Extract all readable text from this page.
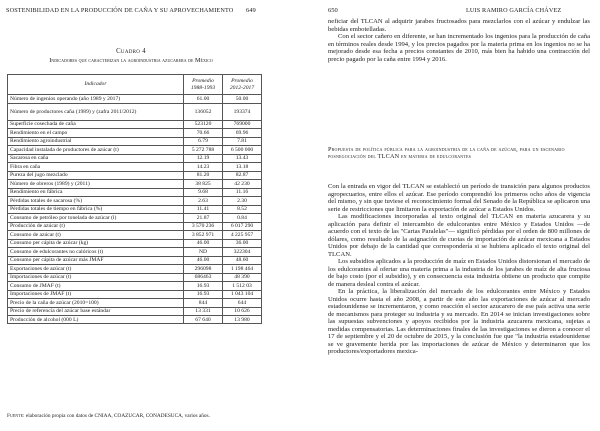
SOSTENIBILIDAD EN LA PRODUCCIÓN DE CAÑA Y SU APROVECHAMIENTO 649
Cuadro 4
Indicadores que caracterizan la agroindustria azucarera de México
Indicador	Promedio 1988-1993	Promedio 2012-2017
Número de ingenios operando (año 1989 y 2017)	61.00	50.00
Número de productores caña (1989) y (zafra 2011/2012)	136052	193374
Superficie cosechada de caña	523120	769000
Rendimiento en el campo	70.66	69.96
Rendimiento agroindustrial	6.79	7.81
Capacidad instalada de productores de azúcar (t)	5 272 788	6 500 000
Sacarosa en caña	12.19	13.43
Fibra en caña	14.23	13.18
Pureza del jugo mezclado	81.20	82.87
Número de obreros (1989) y (2011)	38 825	42 230
Rendimiento en fábrica	9.68	11.16
Pérdidas totales de sacarosa (%)	2.63	2.30
Pérdidas totales de tiempo en fábrica (%)	11.41	8.52
Consumo de petróleo por tonelada de azúcar (l)	21.87	0.84
Producción de azúcar (t)	3 570 236	6 017 290
Consumo de azúcar (t)	3 852 971	4 225 957
Consumo per cápita de azúcar (kg)	46.00	36.00
Consumo de edulcorantes no calóricos (t)	ND	322304
Consumo per cápita de azúcar más JMAF	46.00	48.60
Exportaciones de azúcar (t)	296098	1 198 464
Importaciones de azúcar (t)	686463	48 390
Consumo de JMAF (t)	16.93	1 512 03
Importaciones de JMAF (t)	16.93	1 043 104
Precio de la caña de azúcar (2010=100)	844	644
Precio de referencia del azúcar base estándar	13 331	10 626
Producción de alcohol (000 L)	67 640	13 980
Fuente: elaboración propia con datos de CNIAA, COAZUCAR, CONADESUCA, varios años.
650	LUIS RAMIRO GARCÍA CHÁVEZ

neficiar del TLCAN al adquirir jarabes fructosados para mezclarlos con el azúcar y endulzar las bebidas embotelladas.

Con el sector cañero en diferente, se han incrementado los ingenios para la producción de caña en términos reales desde 1994, y los precios pagados por la materia prima en los ingenios no se ha mejorado desde esa fecha a precios constantes de 2010, más bien ha habido una contracción del precio pagado por la caña entre 1994 y 2016.

Propuesta de política pública para la agroindustria de la caña de azúcar, para un escenario posnegociación del TLCAN en materia de edulcorantes

Con la entrada en vigor del TLCAN se estableció un período de transición para algunos productos agropecuarios, entre ellos el azúcar. Ese período comprendió los primeros ocho años de vigencia del mismo, y sin que tuviese el reconocimiento formal del Senado de la República se aplicaron una serie de restricciones que limitaron la exportación de azúcar a Estados Unidos.

Las modificaciones incorporadas al texto original del TLCAN en materia azucarera y su aplicación para definir el intercambio de edulcorantes entre México y Estados Unidos —de acuerdo con el texto de las "Cartas Paralelas"— significó pérdidas por el orden de 800 millones de dólares, como resultado de la asignación de cuotas de importación de azúcar mexicana a Estados Unidos por debajo de la cantidad que correspondería si se hubiera aplicado el texto original del TLCAN.

Los subsidios aplicados a la producción de maíz en Estados Unidos distorsionan el mercado de los edulcorantes al ofertar una materia prima a la industria de los jarabes de maíz de alta fructosa de bajo costo (por el subsidio), y en consecuencia esta industria obtiene un producto que compite de manera desleal contra el azúcar.

En la práctica, la liberalización del mercado de los edulcorantes entre México y Estados Unidos ocurre hasta el año 2008, a partir de este año las exportaciones de azúcar al mercado estadounidense se incrementaron, y como reacción el sector azucarero de ese país activa una serie de mecanismos para proteger su industria y su mercado. En 2014 se inician investigaciones sobre las supuestas subvenciones y apoyos recibidos por la industria azucarera mexicana, sujetas a medidas compensatorias. Las determinaciones finales de las investigaciones se dieron a conocer el 17 de septiembre y el 20 de octubre de 2015, y la conclusión fue que "la industria estadounidense se ve gravemente herida por las importaciones de azúcar de México y determinaron que los productores/exportadores mexica-
